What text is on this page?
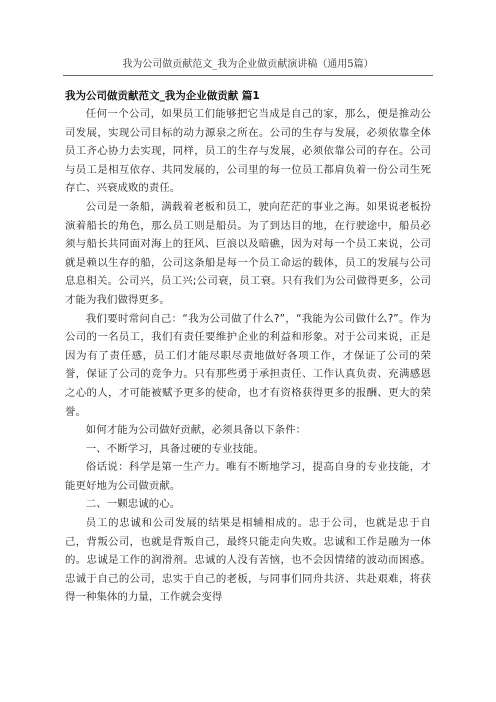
我为公司做贡献范文_我为企业做贡献演讲稿（通用5篇）
我为公司做贡献范文_我为企业做贡献 篇1

任何一个公司，如果员工们能够把它当成是自己的家，那么，便是推动公司发展，实现公司目标的动力源泉之所在。公司的生存与发展，必须依靠全体员工齐心协力去实现，同样，员工的生存与发展，必须依靠公司的存在。公司与员工是相互依存、共同发展的，公司里的每一位员工都肩负着一份公司生死存亡、兴衰成败的责任。

公司是一条船，满载着老板和员工，驶向茫茫的事业之海。如果说老板扮演着船长的角色，那么员工则是船员。为了到达目的地，在行驶途中，船员必须与船长共同面对海上的狂风、巨浪以及暗礁，因为对每一个员工来说，公司就是赖以生存的船，公司这条船是每一个员工命运的载体，员工的发展与公司息息相关。公司兴，员工兴;公司衰，员工衰。只有我们为公司做得更多，公司才能为我们做得更多。

我们要时常问自己：“我为公司做了什么?”，“我能为公司做什么?”。作为公司的一名员工，我们有责任要维护企业的利益和形象。对于公司来说，正是因为有了责任感，员工们才能尽职尽责地做好各项工作，才保证了公司的荣誉，保证了公司的竞争力。只有那些勇于承担责任、工作认真负责、充满感恩之心的人，才可能被赋予更多的使命，也才有资格获得更多的报酬、更大的荣誉。

如何才能为公司做好贡献，必须具备以下条件：

一、不断学习，具备过硬的专业技能。

俗话说：科学是第一生产力。唯有不断地学习，提高自身的专业技能，才能更好地为公司做贡献。

二、一颗忠诚的心。

员工的忠诚和公司发展的结果是相辅相成的。忠于公司，也就是忠于自己，背叛公司，也就是背叛自己，最终只能走向失败。忠诚和工作是融为一体的。忠诚是工作的润滑剂。忠诚的人没有苦恼，也不会因情绪的波动而困惑。忠诚于自己的公司，忠实于自己的老板，与同事们同舟共济、共赴艰难，将获得一种集体的力量，工作就会变得
